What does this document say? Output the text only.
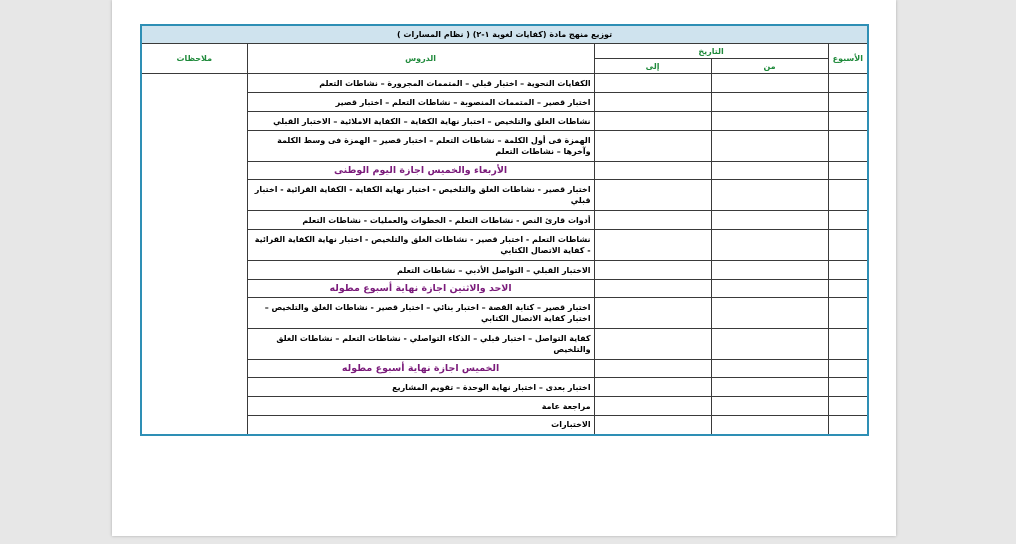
توزيع منهج مادة (كفايات لغوية ١-٢) ( نظام المسارات )				
الأسبوع	التاريخ		الدروس	ملاحظات
	من	إلى		
			الكفايات النحوية – اختبار قبلي – المتممات المجرورة – نشاطات التعلم	
			اختبار قصير – المتممات المنصوبة – نشاطات التعلم – اختبار قصير	
			نشاطات الغلق والتلخيص – اختبار نهاية الكفاية – الكفاية الاملائية – الاختبار القبلي	
			الهمزة فى أول الكلمة – نشاطات التعلم – اختبار قصير – الهمزة فى وسط الكلمة وآخرها – نشاطات التعلم	
			الأربعاء والخميس اجازة اليوم الوطنى	
			اختبار قصير - نشاطات الغلق والتلخيص - اختبار نهاية الكفاية - الكفاية القرائية - اختبار قبلي	
			أدوات قارئ النص - نشاطات التعلم - الخطوات والعمليات - نشاطات التعلم	
			نشاطات التعلم - اختبار قصير - نشاطات الغلق والتلخيص - اختبار نهاية الكفاية القرائية - كفاية الاتصال الكتابي	
			الاختبار القبلي – التواصل الأدبي – نشاطات التعلم	
			الاحد والاثنين اجازة نهاية أسبوع مطوله	
			اختبار قصير – كتابة القصة – اختبار بنائي – اختبار قصير - نشاطات الغلق والتلخيص – اختبار كفاية الاتصال الكتابي	
			كفاية التواصل – اختبار قبلي – الذكاء التواصلي - نشاطات التعلم – نشاطات الغلق والتلخيص	
			الخميس اجازة نهاية أسبوع مطوله	
			اختبار بعدى – اختبار نهاية الوحدة – تقويم المشاريع	
			مراجعة عامة	
			الاختبارات	
